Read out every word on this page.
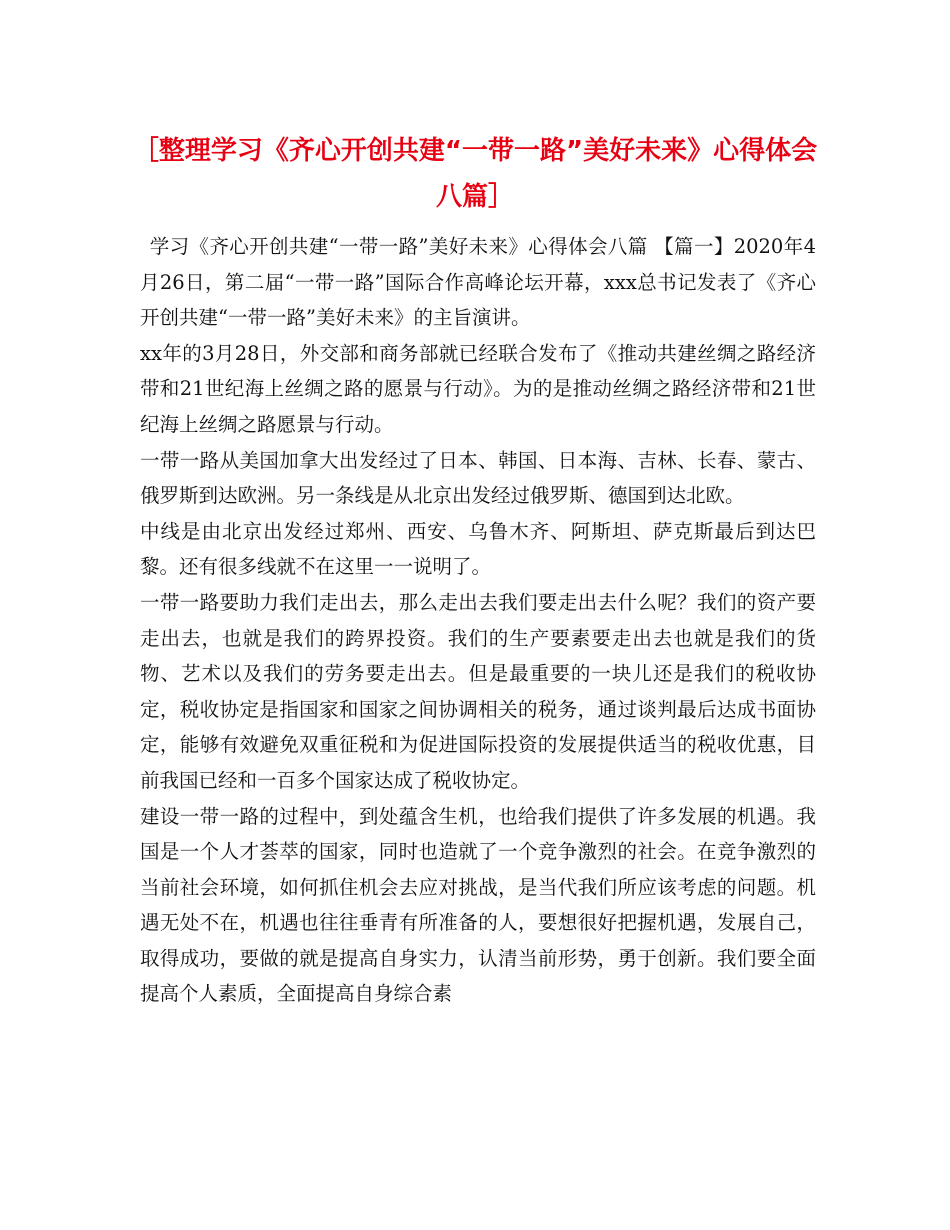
［整理学习《齐心开创共建“一带一路”美好未来》心得体会八篇］

学习《齐心开创共建“一带一路”美好未来》心得体会八篇 【篇一】2020年4月26日，第二届“一带一路”国际合作高峰论坛开幕，xxx总书记发表了《齐心开创共建“一带一路”美好未来》的主旨演讲。

xx年的3月28日，外交部和商务部就已经联合发布了《推动共建丝绸之路经济带和21世纪海上丝绸之路的愿景与行动》。为的是推动丝绸之路经济带和21世纪海上丝绸之路愿景与行动。

一带一路从美国加拿大出发经过了日本、韩国、日本海、吉林、长春、蒙古、俄罗斯到达欧洲。另一条线是从北京出发经过俄罗斯、德国到达北欧。

中线是由北京出发经过郑州、西安、乌鲁木齐、阿斯坦、萨克斯最后到达巴黎。还有很多线就不在这里一一说明了。

一带一路要助力我们走出去，那么走出去我们要走出去什么呢？我们的资产要走出去，也就是我们的跨界投资。我们的生产要素要走出去也就是我们的货物、艺术以及我们的劳务要走出去。但是最重要的一块儿还是我们的税收协定，税收协定是指国家和国家之间协调相关的税务，通过谈判最后达成书面协定，能够有效避免双重征税和为促进国际投资的发展提供适当的税收优惠，目前我国已经和一百多个国家达成了税收协定。

建设一带一路的过程中，到处蕴含生机，也给我们提供了许多发展的机遇。我国是一个人才荟萃的国家，同时也造就了一个竞争激烈的社会。在竞争激烈的当前社会环境，如何抓住机会去应对挑战，是当代我们所应该考虑的问题。机遇无处不在，机遇也往往垂青有所准备的人，要想很好把握机遇，发展自己，取得成功，要做的就是提高自身实力，认清当前形势，勇于创新。我们要全面提高个人素质，全面提高自身综合素
